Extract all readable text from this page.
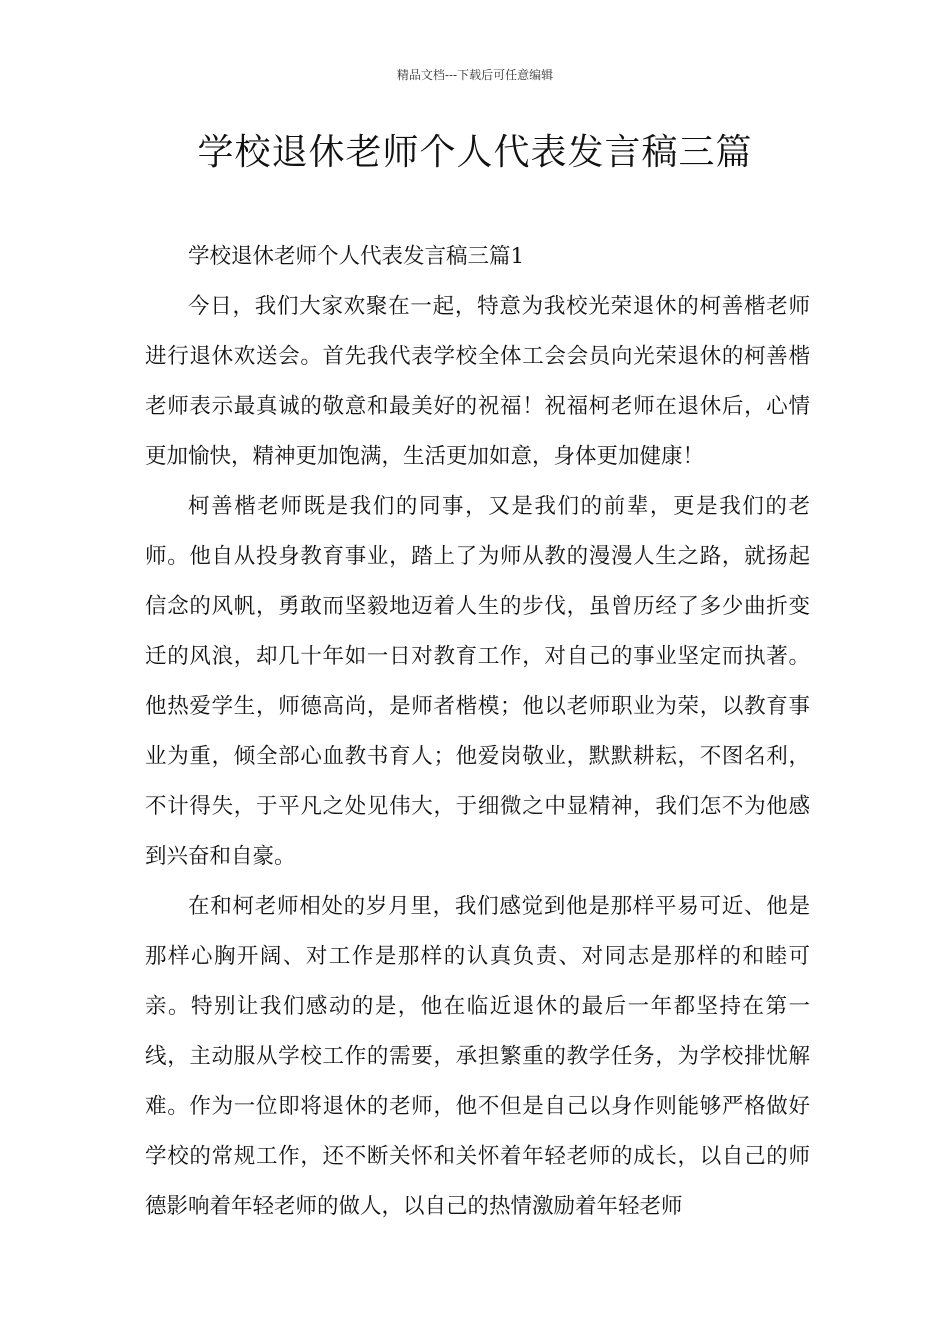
精品文档---下载后可任意编辑
学校退休老师个人代表发言稿三篇

学校退休老师个人代表发言稿三篇1

今日，我们大家欢聚在一起，特意为我校光荣退休的柯善楷老师进行退休欢送会。首先我代表学校全体工会会员向光荣退休的柯善楷老师表示最真诚的敬意和最美好的祝福！祝福柯老师在退休后，心情更加愉快，精神更加饱满，生活更加如意，身体更加健康！

柯善楷老师既是我们的同事，又是我们的前辈，更是我们的老师。他自从投身教育事业，踏上了为师从教的漫漫人生之路，就扬起信念的风帆，勇敢而坚毅地迈着人生的步伐，虽曾历经了多少曲折变迁的风浪，却几十年如一日对教育工作，对自己的事业坚定而执著。他热爱学生，师德高尚，是师者楷模；他以老师职业为荣，以教育事业为重，倾全部心血教书育人；他爱岗敬业，默默耕耘，不图名利，不计得失，于平凡之处见伟大，于细微之中显精神，我们怎不为他感到兴奋和自豪。

在和柯老师相处的岁月里，我们感觉到他是那样平易可近、他是那样心胸开阔、对工作是那样的认真负责、对同志是那样的和睦可亲。特别让我们感动的是，他在临近退休的最后一年都坚持在第一线，主动服从学校工作的需要，承担繁重的教学任务，为学校排忧解难。作为一位即将退休的老师，他不但是自己以身作则能够严格做好学校的常规工作，还不断关怀和关怀着年轻老师的成长，以自己的师德影响着年轻老师的做人，以自己的热情激励着年轻老师
